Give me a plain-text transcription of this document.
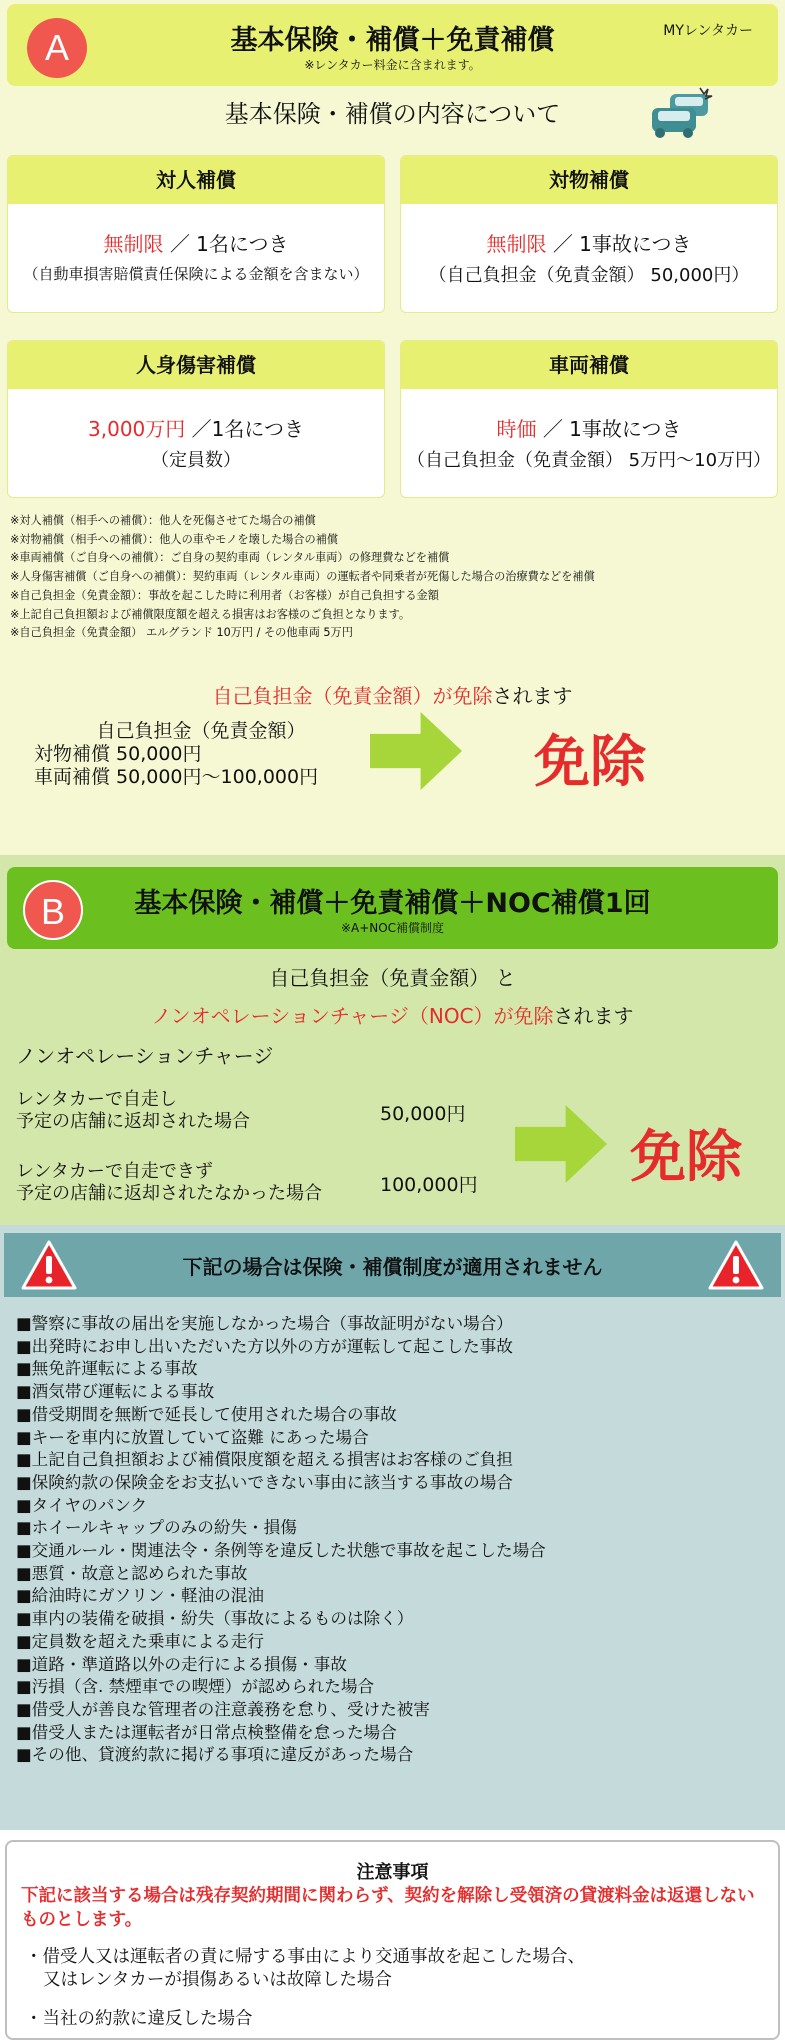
A	基本保険・補償＋免責補償
※レンタカー料金に含まれます。
MYレンタカー
基本保険・補償の内容について
対人補償
無制限 ／ 1名につき
（自動車損害賠償責任保険による金額を含まない）
対物補償
無制限 ／ 1事故につき
（自己負担金（免責金額） 50,000円）
人身傷害補償
3,000万円 ／1名につき
（定員数）
車両補償
時価 ／ 1事故につき
（自己負担金（免責金額） 5万円〜10万円）
※対人補償（相手への補償）：他人を死傷させてた場合の補償
※対物補償（相手への補償）：他人の車やモノを壊した場合の補償
※車両補償（ご自身への補償）：ご自身の契約車両（レンタル車両）の修理費などを補償
※人身傷害補償（ご自身への補償）：契約車両（レンタル車両）の運転者や同乗者が死傷した場合の治療費などを補償
※自己負担金（免責金額）：事故を起こした時に利用者（お客様）が自己負担する金額
※上記自己負担額および補償限度額を超える損害はお客様のご負担となります。
※自己負担金（免責金額） エルグランド 10万円 / その他車両 5万円
自己負担金（免責金額）が免除されます
自己負担金（免責金額）
対物補償 50,000円
車両補償 50,000円〜100,000円	免除
B	基本保険・補償＋免責補償＋NOC補償1回
※A+NOC補償制度
自己負担金（免責金額） と
ノンオペレーションチャージ（NOC）が免除されます
ノンオペレーションチャージ
レンタカーで自走し
予定の店舗に返却された場合	50,000円
レンタカーで自走できず
予定の店舗に返却されたなかった場合	100,000円	免除
下記の場合は保険・補償制度が適用されません
■警察に事故の届出を実施しなかった場合（事故証明がない場合）
■出発時にお申し出いただいた方以外の方が運転して起こした事故
■無免許運転による事故
■酒気帯び運転による事故
■借受期間を無断で延長して使用された場合の事故
■キーを車内に放置していて盗難 にあった場合
■上記自己負担額および補償限度額を超える損害はお客様のご負担
■保険約款の保険金をお支払いできない事由に該当する事故の場合
■タイヤのパンク
■ホイールキャップのみの紛失・損傷
■交通ルール・関連法令・条例等を違反した状態で事故を起こした場合
■悪質・故意と認められた事故
■給油時にガソリン・軽油の混油
■車内の装備を破損・紛失（事故によるものは除く）
■定員数を超えた乗車による走行
■道路・準道路以外の走行による損傷・事故
■汚損（含. 禁煙車での喫煙）が認められた場合
■借受人が善良な管理者の注意義務を怠り、受けた被害
■借受人または運転者が日常点検整備を怠った場合
■その他、貸渡約款に掲げる事項に違反があった場合
注意事項
下記に該当する場合は残存契約期間に関わらず、契約を解除し受領済の貸渡料金は返還しないものとします。
・借受人又は運転者の責に帰する事由により交通事故を起こした場合、
又はレンタカーが損傷あるいは故障した場合
・当社の約款に違反した場合
